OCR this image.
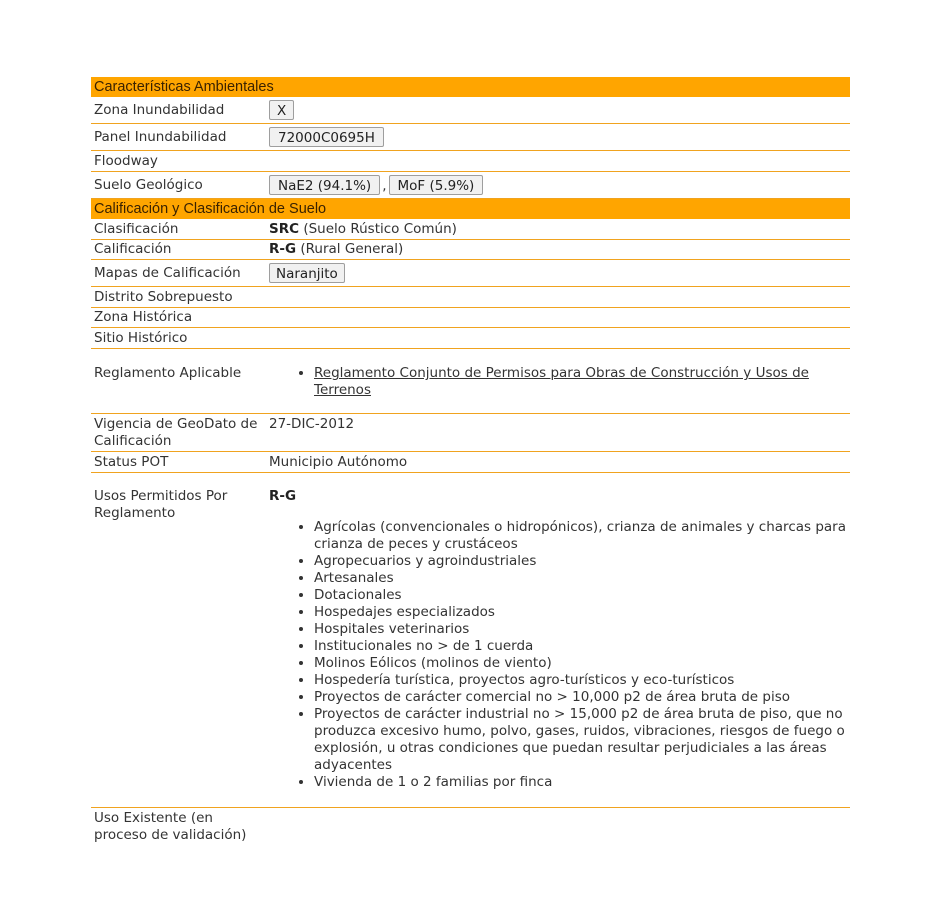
Características Ambientales
Zona Inundabilidad	X
Panel Inundabilidad	72000C0695H
Floodway
Suelo Geológico	NaE2 (94.1%) , MoF (5.9%)
Calificación y Clasificación de Suelo
Clasificación	SRC (Suelo Rústico Común)
Calificación	R-G (Rural General)
Mapas de Calificación	Naranjito
Distrito Sobrepuesto
Zona Histórica
Sitio Histórico
Reglamento Aplicable
•	Reglamento Conjunto de Permisos para Obras de Construcción y Usos de Terrenos
Vigencia de GeoDato de Calificación
27-DIC-2012
Status POT	Municipio Autónomo
Usos Permitidos Por Reglamento
R-G
• Agrícolas (convencionales o hidropónicos), crianza de animales y charcas para crianza de peces y crustáceos
• Agropecuarios y agroindustriales
• Artesanales
• Dotacionales
• Hospedajes especializados
• Hospitales veterinarios
• Institucionales no > de 1 cuerda
• Molinos Eólicos (molinos de viento)
• Hospedería turística, proyectos agro-turísticos y eco-turísticos
• Proyectos de carácter comercial no > 10,000 p2 de área bruta de piso
• Proyectos de carácter industrial no > 15,000 p2 de área bruta de piso, que no produzca excesivo humo, polvo, gases, ruidos, vibraciones, riesgos de fuego o explosión, u otras condiciones que puedan resultar perjudiciales a las áreas adyacentes
• Vivienda de 1 o 2 familias por finca
Uso Existente (en proceso de validación)
